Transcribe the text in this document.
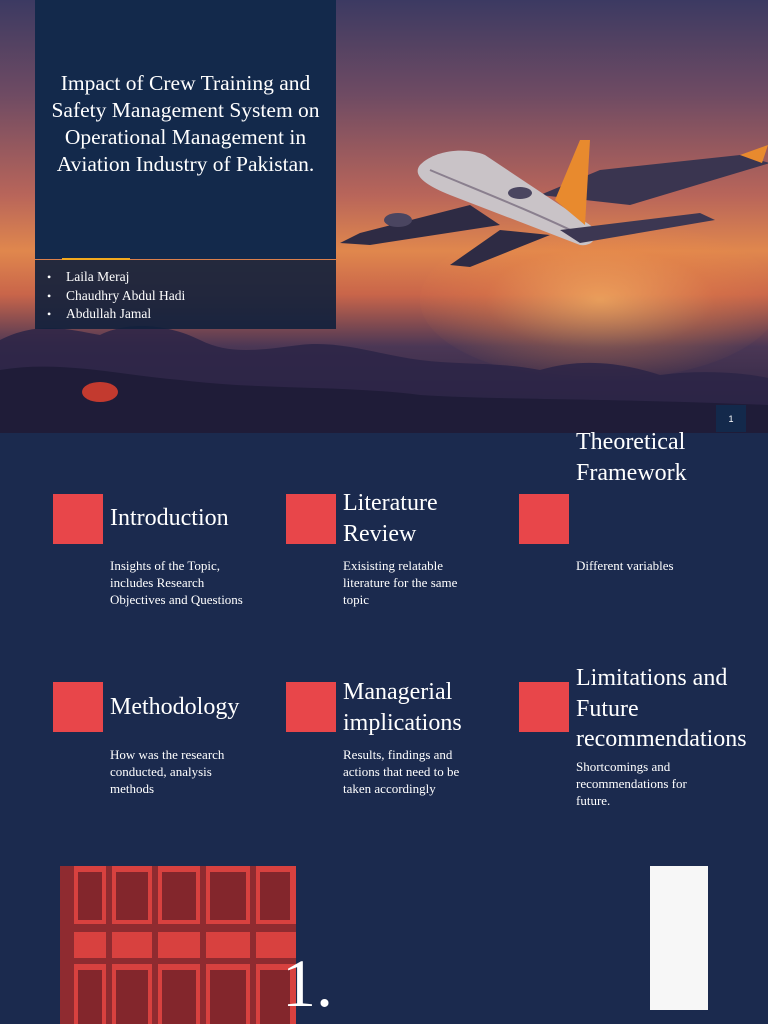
Impact of Crew Training and Safety Management System on Operational Management in Aviation Industry of Pakistan.
• Laila Meraj
• Chaudhry Abdul Hadi
• Abdullah Jamal
1
Introduction
Insights of the Topic, includes Research Objectives and Questions
Literature Review
Exisisting relatable literature for the same topic
Theoretical Framework
Different variables
Methodology
How was the research conducted, analysis methods
Managerial implications
Results, findings and actions that need to be taken accordingly
Limitations and Future recommendations
Shortcomings and recommendations for future.
1.
